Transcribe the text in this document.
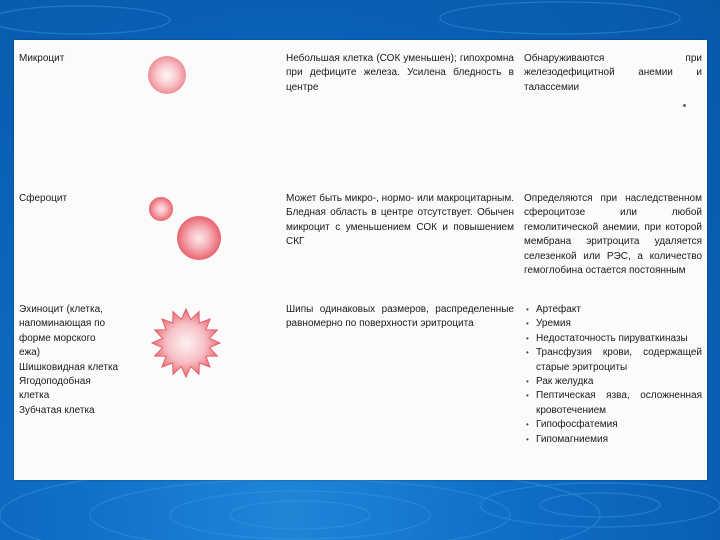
Микроцит	Небольшая клетка (СОК уменьшен); гипохромна при дефиците железа. Усилена бледность в центре
Обнаруживаются при железодефицитной анемии и талассемии
Сфероцит	Может быть микро-, нормо- или макроцитарным. Бледная область в центре отсутствует. Обычен микроцит с уменьшением СОК и повышением СКГ
Определяются при наследственном сфероцитозе или любой гемолитической анемии, при которой мембрана эритроцита удаляется селезенкой или РЭС, а количество гемоглобина остается постоянным
Эхиноцит (клетка, напоминающая по форме морского ежа)
Шишковидная клетка
Ягодоподобная клетка
Зубчатая клетка
Шипы одинаковых размеров, распределенные равномерно по поверхности эритроцита
• Артефакт
• Уремия
• Недостаточность пируваткиназы
• Трансфузия крови, содержащей старые эритроциты
• Рак желудка
• Пептическая язва, осложненная кровотечением
• Гипофосфатемия
• Гипомагниемия
